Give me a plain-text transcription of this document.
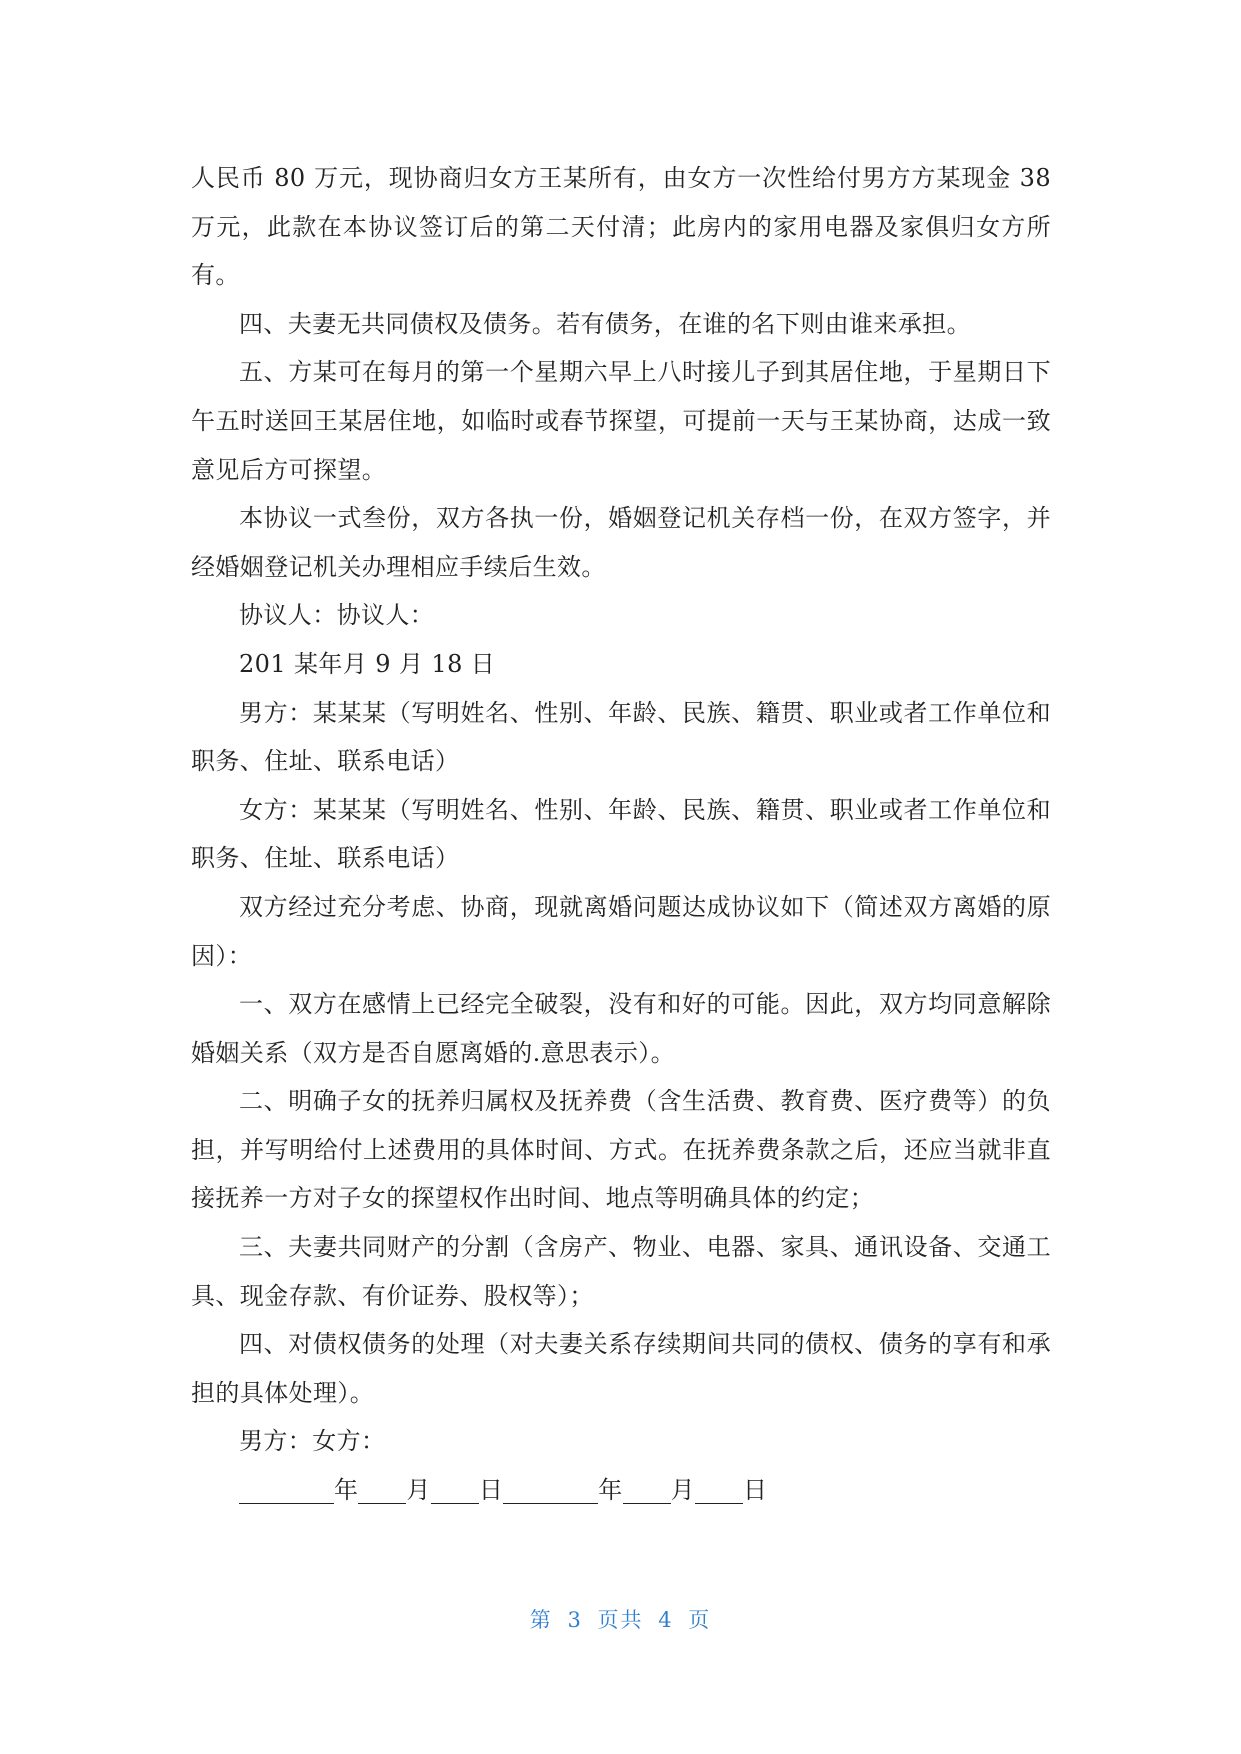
人民币 80 万元，现协商归女方王某所有，由女方一次性给付男方方某现金 38 万元，此款在本协议签订后的第二天付清；此房内的家用电器及家俱归女方所有。

四、夫妻无共同债权及债务。若有债务，在谁的名下则由谁来承担。

五、方某可在每月的第一个星期六早上八时接儿子到其居住地，于星期日下午五时送回王某居住地，如临时或春节探望，可提前一天与王某协商，达成一致意见后方可探望。

本协议一式叁份，双方各执一份，婚姻登记机关存档一份，在双方签字，并经婚姻登记机关办理相应手续后生效。

协议人：协议人：

201 某年月 9 月 18 日

男方：某某某（写明姓名、性别、年龄、民族、籍贯、职业或者工作单位和职务、住址、联系电话）

女方：某某某（写明姓名、性别、年龄、民族、籍贯、职业或者工作单位和职务、住址、联系电话）

双方经过充分考虑、协商，现就离婚问题达成协议如下（简述双方离婚的原因）：

一、双方在感情上已经完全破裂，没有和好的可能。因此，双方均同意解除婚姻关系（双方是否自愿离婚的.意思表示）。

二、明确子女的抚养归属权及抚养费（含生活费、教育费、医疗费等）的负担，并写明给付上述费用的具体时间、方式。在抚养费条款之后，还应当就非直接抚养一方对子女的探望权作出时间、地点等明确具体的约定；

三、夫妻共同财产的分割（含房产、物业、电器、家具、通讯设备、交通工具、现金存款、有价证券、股权等）；

四、对债权债务的处理（对夫妻关系存续期间共同的债权、债务的享有和承担的具体处理）。

男方：女方：

年 月 日	年 月 日

第 3 页共 4 页
